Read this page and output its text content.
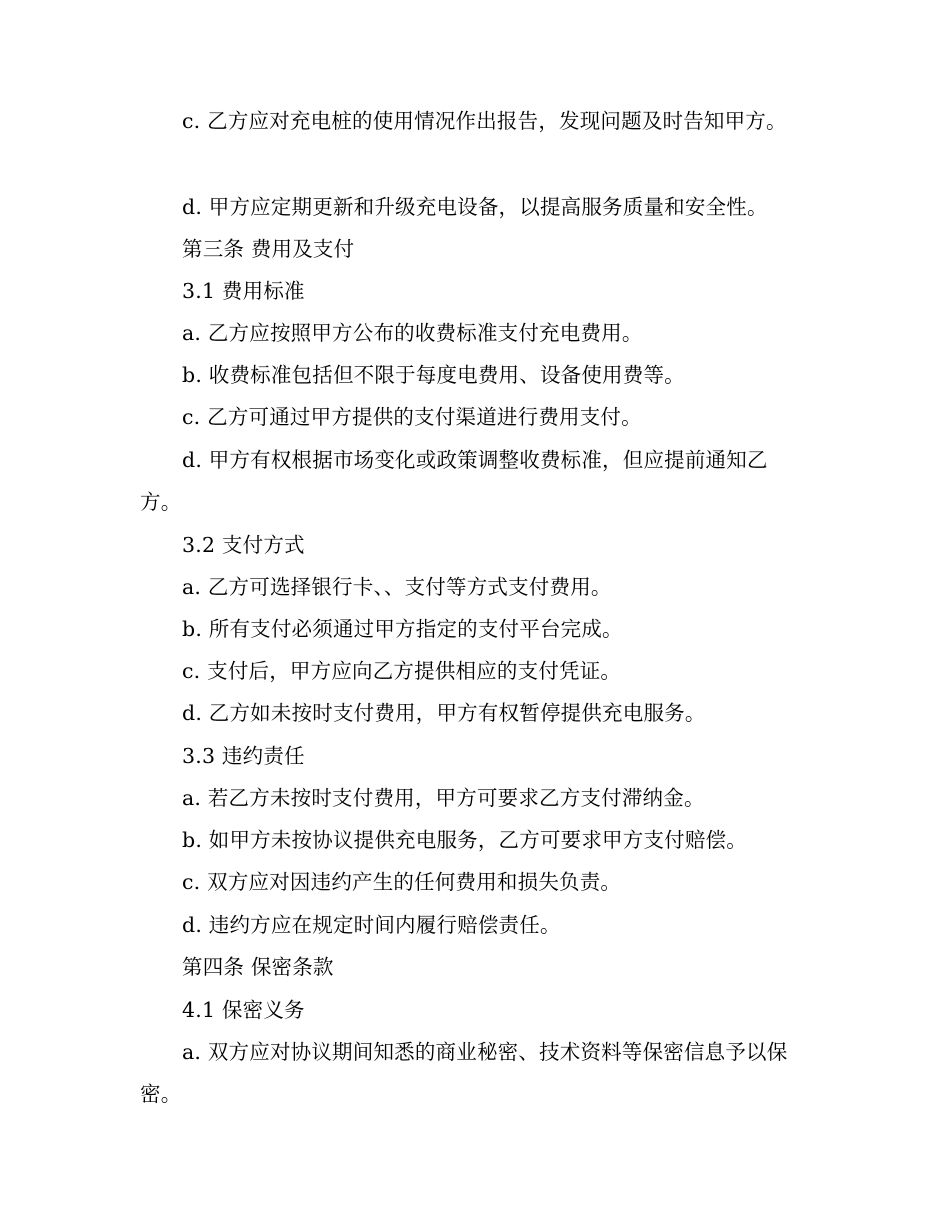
c. 乙方应对充电桩的使用情况作出报告，发现问题及时告知甲方。

d. 甲方应定期更新和升级充电设备，以提高服务质量和安全性。

第三条 费用及支付

3.1 费用标准

a. 乙方应按照甲方公布的收费标准支付充电费用。

b. 收费标准包括但不限于每度电费用、设备使用费等。

c. 乙方可通过甲方提供的支付渠道进行费用支付。

d. 甲方有权根据市场变化或政策调整收费标准，但应提前通知乙方。

3.2 支付方式

a. 乙方可选择银行卡、、支付等方式支付费用。

b. 所有支付必须通过甲方指定的支付平台完成。

c. 支付后，甲方应向乙方提供相应的支付凭证。

d. 乙方如未按时支付费用，甲方有权暂停提供充电服务。

3.3 违约责任

a. 若乙方未按时支付费用，甲方可要求乙方支付滞纳金。

b. 如甲方未按协议提供充电服务，乙方可要求甲方支付赔偿。

c. 双方应对因违约产生的任何费用和损失负责。

d. 违约方应在规定时间内履行赔偿责任。

第四条 保密条款

4.1 保密义务

a. 双方应对协议期间知悉的商业秘密、技术资料等保密信息予以保密。
